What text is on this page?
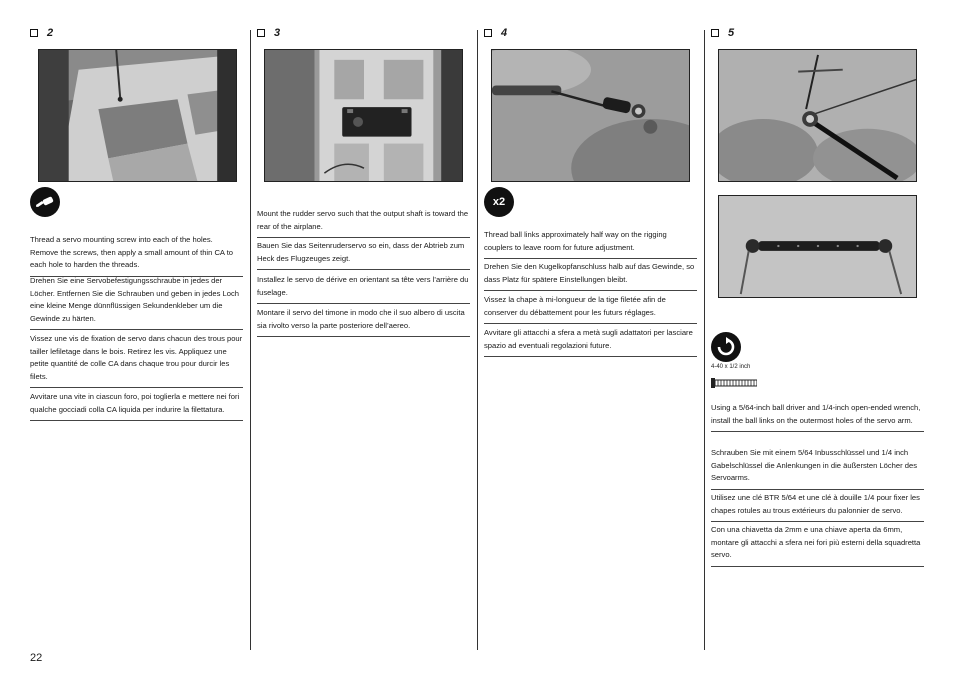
2
Thread a servo mounting screw into each of the holes. Remove the screws, then apply a small amount of thin CA to each hole to harden the threads.
Drehen Sie eine Servobefestigungsschraube in jedes der Löcher. Entfernen Sie die Schrauben und geben in jedes Loch eine kleine Menge dünnflüssigen Sekundenkleber um die Gewinde zu härten.
Vissez une vis de fixation de servo dans chacun des trous pour tailler lefiletage dans le bois. Retirez les vis. Appliquez une petite quantité de colle CA dans chaque trou pour durcir les filets.
Avvitare una vite in ciascun foro, poi toglierla e mettere nei fori qualche gocciadi colla CA liquida per indurire la filettatura.
3
Mount the rudder servo such that the output shaft is toward the rear of the airplane.
Bauen Sie das Seitenruderservo so ein, dass der Abtrieb zum Heck des Flugzeuges zeigt.
Installez le servo de dérive en orientant sa tête vers l’arrière du fuselage.
Montare il servo del timone in modo che il suo albero di uscita sia rivolto verso la parte posteriore dell’aereo.
4
x2
Thread ball links approximately half way on the rigging couplers to leave room for future adjustment.
Drehen Sie den Kugelkopfanschluss halb auf das Gewinde, so dass Platz für spätere Einstellungen bleibt.
Vissez la chape à mi-longueur de la tige filetée afin de conserver du débattement pour les futurs réglages.
Avvitare gli attacchi a sfera a metà sugli adattatori per lasciare spazio ad eventuali regolazioni future.
5
4-40 x 1/2 inch
Using a 5/64-inch ball driver and 1/4-inch open-ended wrench, install the ball links on the outermost holes of the servo arm.
Schrauben Sie mit einem 5/64 Inbusschlüssel und 1/4 inch Gabelschlüssel die Anlenkungen in die äußersten Löcher des Servoarms.
Utilisez une clé BTR 5/64 et une clé à douille 1/4 pour fixer les chapes rotules au trous extérieurs du palonnier de servo.
Con una chiavetta da 2mm e una chiave aperta da 6mm, montare gli attacchi a sfera nei fori più esterni della squadretta servo.
22
